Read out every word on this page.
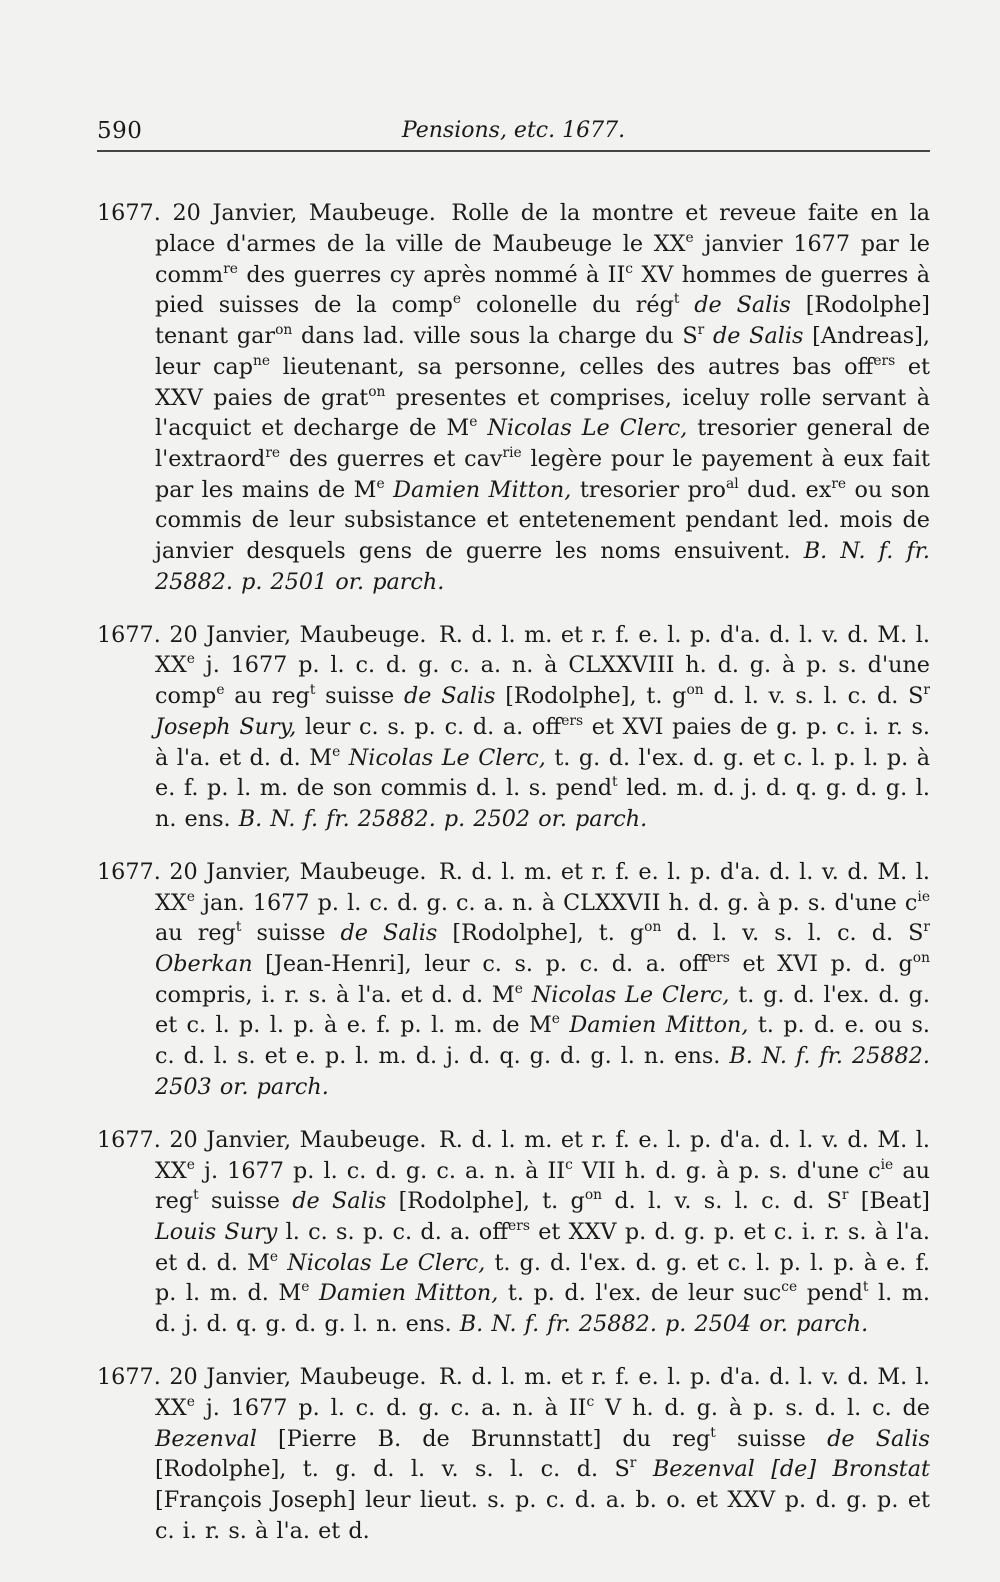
590	Pensions, etc. 1677.

1677. 20 Janvier, Maubeuge. Rolle de la montre et reveue faite en la place d'armes de la ville de Maubeuge le XXe janvier 1677 par le comm$^{re}$ des guerres cy après nommé à $II^c$ XV hommes de guerres à pied suisses de la comp$^e$ colonelle du rég$^t$ de Salis [Rodolphe] tenant gar$^{on}$ dans lad. ville sous la charge du $S^r$ de Salis [Andreas], leur cap$^{ne}$ lieutenant, sa personne, celles des autres bas off$^{ers}$ et XXV paies de grat$^{on}$ presentes et comprises, iceluy rolle servant à l'acquict et decharge de Me Nicolas Le Clerc, tresorier general de l'extraord$^{re}$ des guerres et cav$^{rie}$ legère pour le payement à eux fait par les mains de Me Damien Mitton, tresorier pro$^{al}$ dud. $ex^{re}$ ou son commis de leur subsistance et entetenement pendant led. mois de janvier desquels gens de guerre les noms ensuivent. B. N. f. fr. 25882. p. 2501 or. parch.

1677. 20 Janvier, Maubeuge. R. d. l. m. et r. f. e. l. p. d'a. d. l. v. d. M. l. XXe j. 1677 p. l. c. d. g. c. a. n. à CLXXVIII h. d. g. à p. s. d'une comp$^e$ au reg$^t$ suisse de Salis [Rodolphe], t. $g^{on}$ d. l. v. s. l. c. d. $S^r$ Joseph Sury, leur c. s. p. c. d. a. off$^{ers}$ et XVI paies de g. p. c. i. r. s. à l'a. et d. d. Me Nicolas Le Clerc, t. g. d. l'ex. d. g. et c. l. p. l. p. à e. f. p. l. m. de son commis d. l. s. pend$^t$ led. m. d. j. d. q. g. d. g. l. n. ens. B. N. f. fr. 25882. p. 2502 or. parch.

1677. 20 Janvier, Maubeuge. R. d. l. m. et r. f. e. l. p. d'a. d. l. v. d. M. l. XXe jan. 1677 p. l. c. d. g. c. a. n. à CLXXVII h. d. g. à p. s. d'une $c^{ie}$ au reg$^t$ suisse de Salis [Rodolphe], t. $g^{on}$ d. l. v. s. l. c. d. $S^r$ Oberkan [Jean-Henri], leur c. s. p. c. d. a. off$^{ers}$ et XVI p. d. $g^{on}$ compris, i. r. s. à l'a. et d. d. Me Nicolas Le Clerc, t. g. d. l'ex. d. g. et c. l. p. l. p. à e. f. p. l. m. de Me Damien Mitton, t. p. d. e. ou s. c. d. l. s. et e. p. l. m. d. j. d. q. g. d. g. l. n. ens. B. N. f. fr. 25882. 2503 or. parch.

1677. 20 Janvier, Maubeuge. R. d. l. m. et r. f. e. l. p. d'a. d. l. v. d. M. l. XXe j. 1677 p. l. c. d. g. c. a. n. à $II^c$ VII h. d. g. à p. s. d'une $c^{ie}$ au reg$^t$ suisse de Salis [Rodolphe], t. $g^{on}$ d. l. v. s. l. c. d. $S^r$ [Beat] Louis Sury l. c. s. p. c. d. a. off$^{ers}$ et XXV p. d. g. p. et c. i. r. s. à l'a. et d. d. Me Nicolas Le Clerc, t. g. d. l'ex. d. g. et c. l. p. l. p. à e. f. p. l. m. d. Me Damien Mitton, t. p. d. l'ex. de leur suc$^{ce}$ pend$^t$ l. m. d. j. d. q. g. d. g. l. n. ens. B. N. f. fr. 25882. p. 2504 or. parch.

1677. 20 Janvier, Maubeuge. R. d. l. m. et r. f. e. l. p. d'a. d. l. v. d. M. l. XXe j. 1677 p. l. c. d. g. c. a. n. à $II^c$ V h. d. g. à p. s. d. l. c. de Bezenval [Pierre B. de Brunnstatt] du reg$^t$ suisse de Salis [Rodolphe], t. g. d. l. v. s. l. c. d. $S^r$ Bezenval [de] Bronstat [François Joseph] leur lieut. s. p. c. d. a. b. o. et XXV p. d. g. p. et c. i. r. s. à l'a. et d.
